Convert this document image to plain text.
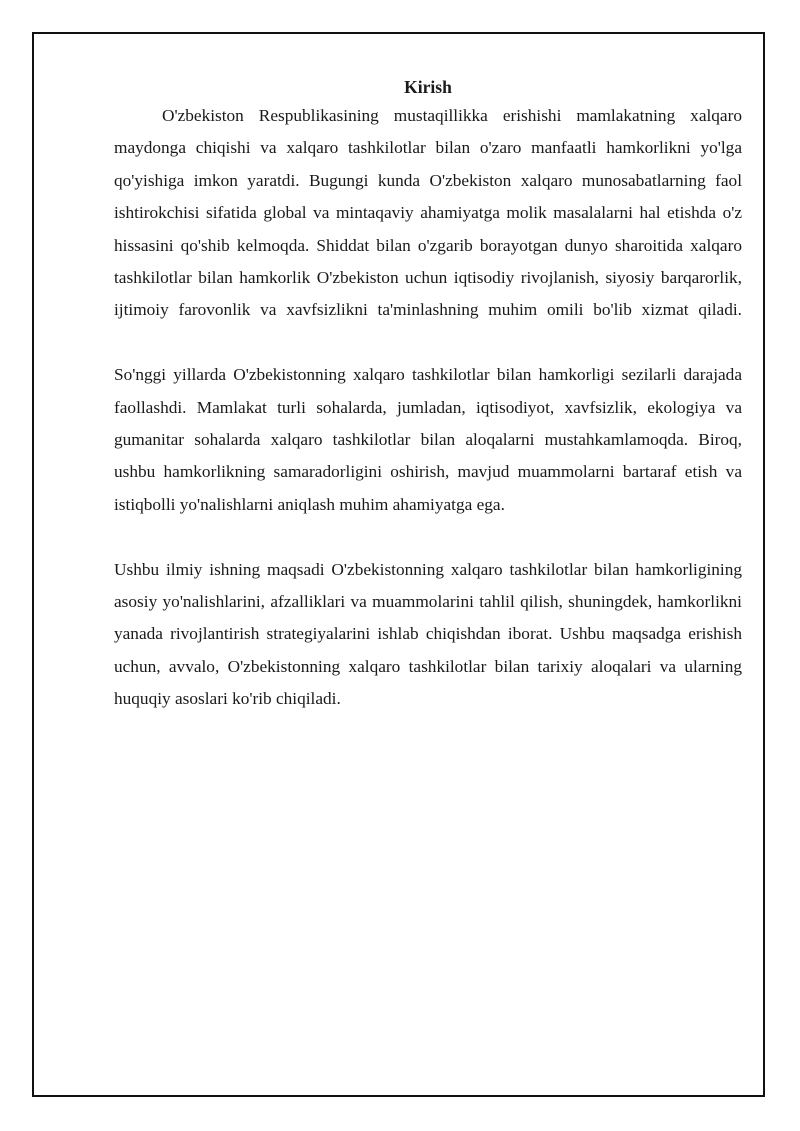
Kirish

O'zbekiston Respublikasining mustaqillikka erishishi mamlakatning xalqaro maydonga chiqishi va xalqaro tashkilotlar bilan o'zaro manfaatli hamkorlikni yo'lga qo'yishiga imkon yaratdi. Bugungi kunda O'zbekiston xalqaro munosabatlarning faol ishtirokchisi sifatida global va mintaqaviy ahamiyatga molik masalalarni hal etishda o'z hissasini qo'shib kelmoqda. Shiddat bilan o'zgarib borayotgan dunyo sharoitida xalqaro tashkilotlar bilan hamkorlik O'zbekiston uchun iqtisodiy rivojlanish, siyosiy barqarorlik, ijtimoiy farovonlik va xavfsizlikni ta'minlashning muhim omili bo'lib xizmat qiladi.

So'nggi yillarda O'zbekistonning xalqaro tashkilotlar bilan hamkorligi sezilarli darajada faollashdi. Mamlakat turli sohalarda, jumladan, iqtisodiyot, xavfsizlik, ekologiya va gumanitar sohalarda xalqaro tashkilotlar bilan aloqalarni mustahkamlamoqda. Biroq, ushbu hamkorlikning samaradorligini oshirish, mavjud muammolarni bartaraf etish va istiqbolli yo'nalishlarni aniqlash muhim ahamiyatga ega.

Ushbu ilmiy ishning maqsadi O'zbekistonning xalqaro tashkilotlar bilan hamkorligining asosiy yo'nalishlarini, afzalliklari va muammolarini tahlil qilish, shuningdek, hamkorlikni yanada rivojlantirish strategiyalarini ishlab chiqishdan iborat. Ushbu maqsadga erishish uchun, avvalo, O'zbekistonning xalqaro tashkilotlar bilan tarixiy aloqalari va ularning huquqiy asoslari ko'rib chiqiladi.
